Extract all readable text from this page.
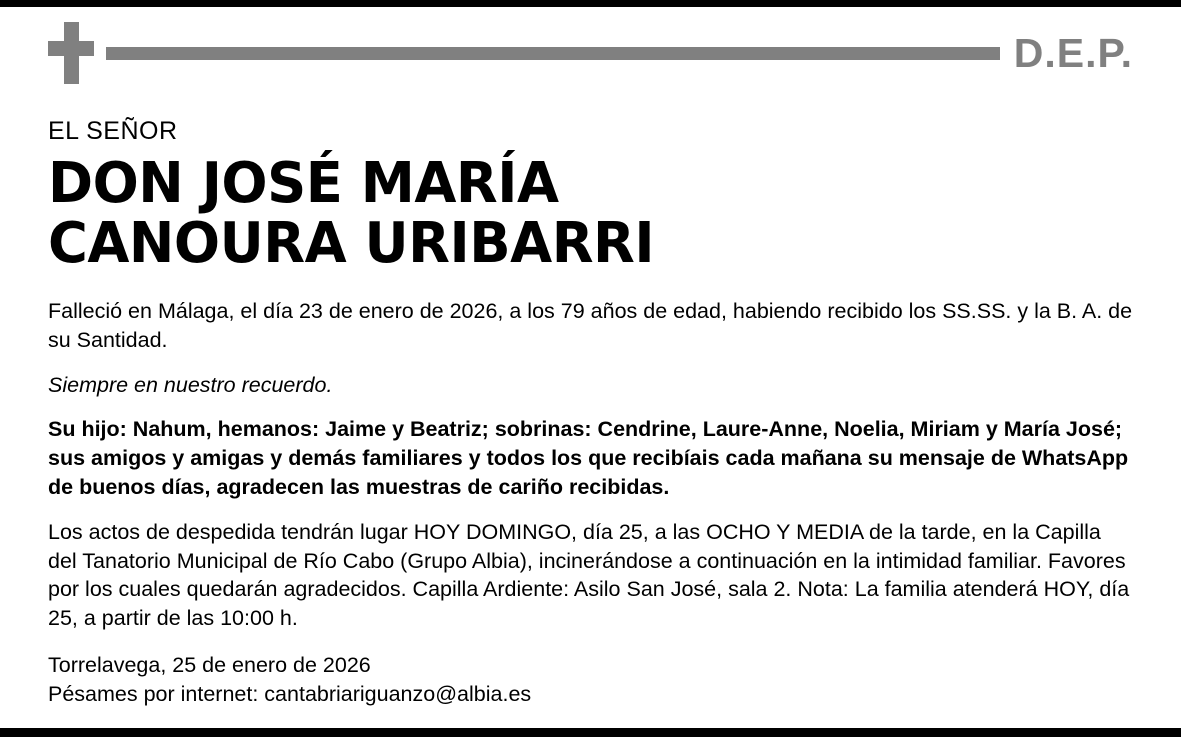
D.E.P.
EL SEÑOR
DON JOSÉ MARÍA
CANOURA URIBARRI
Falleció en Málaga, el día 23 de enero de 2026, a los 79 años de edad, habiendo recibido los SS.SS. y la B. A. de su Santidad.
Siempre en nuestro recuerdo.
Su hijo: Nahum, hemanos: Jaime y Beatriz; sobrinas: Cendrine, Laure-Anne, Noelia, Miriam y María José; sus amigos y amigas y demás familiares y todos los que recibíais cada mañana su mensaje de WhatsApp de buenos días, agradecen las muestras de cariño recibidas.
Los actos de despedida tendrán lugar HOY DOMINGO, día 25, a las OCHO Y MEDIA de la tarde, en la Capilla del Tanatorio Municipal de Río Cabo (Grupo Albia), incinerándose a continuación en la intimidad familiar. Favores por los cuales quedarán agradecidos. Capilla Ardiente: Asilo San José, sala 2. Nota: La familia atenderá HOY, día 25, a partir de las 10:00 h.
Torrelavega, 25 de enero de 2026
Pésames por internet: cantabriariguanzo@albia.es
